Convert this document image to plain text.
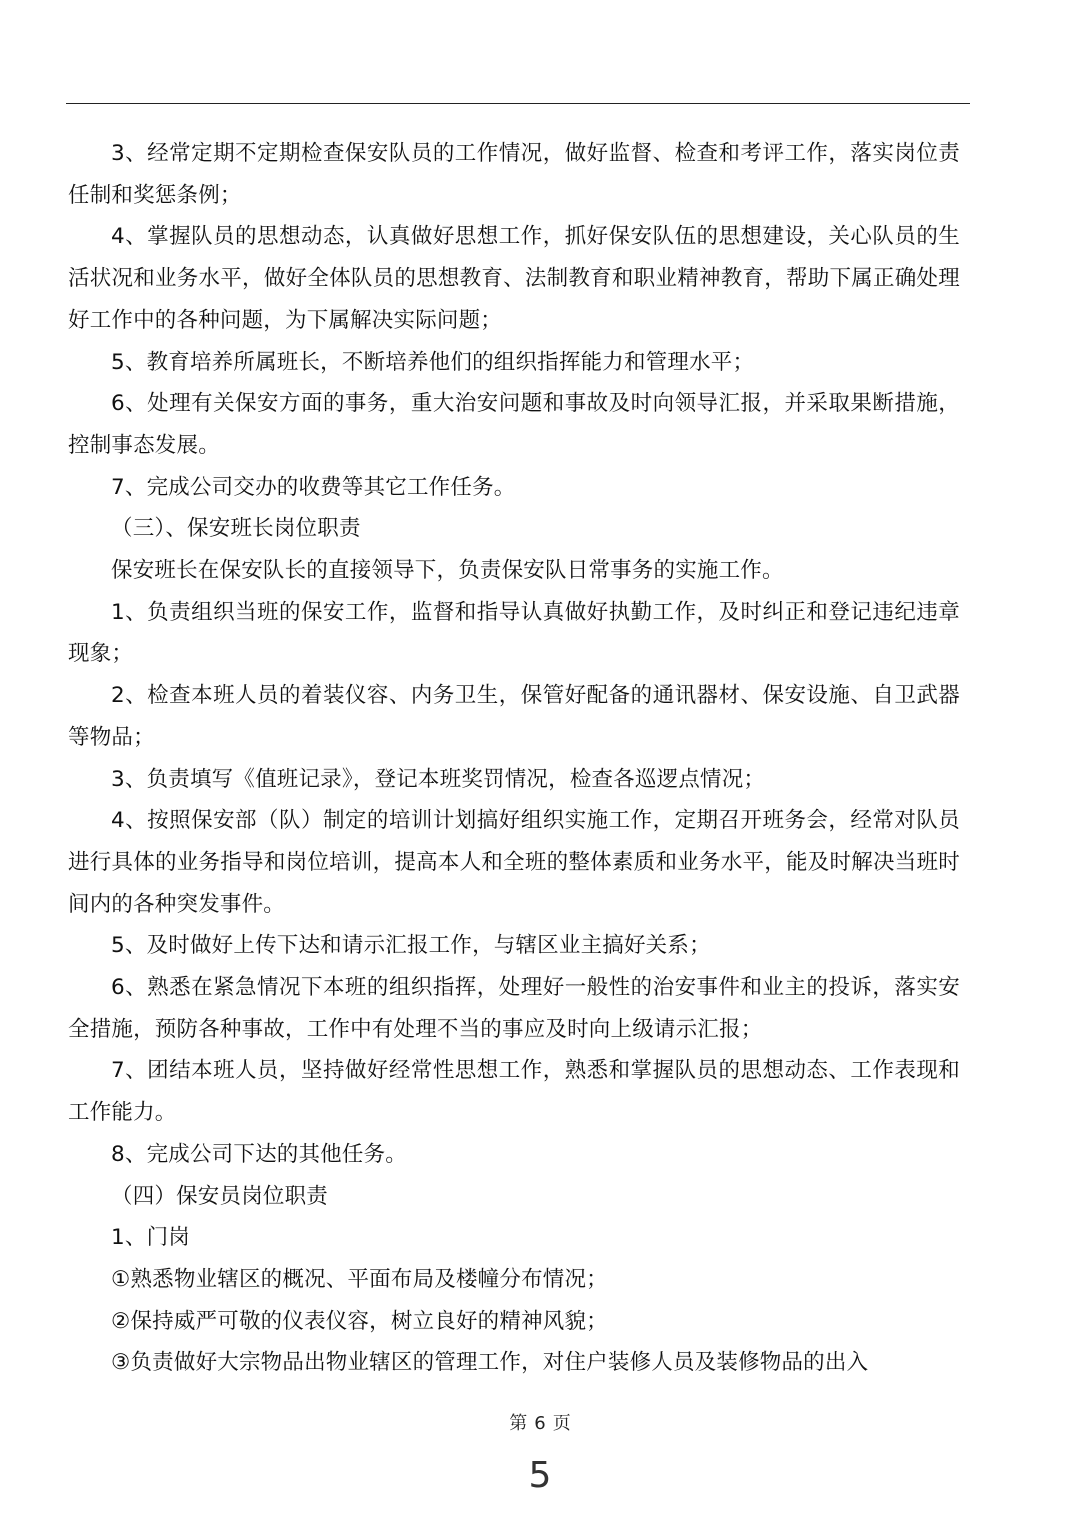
3、经常定期不定期检查保安队员的工作情况，做好监督、检查和考评工作，落实岗位责任制和奖惩条例；

4、掌握队员的思想动态，认真做好思想工作，抓好保安队伍的思想建设，关心队员的生活状况和业务水平，做好全体队员的思想教育、法制教育和职业精神教育，帮助下属正确处理好工作中的各种问题，为下属解决实际问题；

5、教育培养所属班长，不断培养他们的组织指挥能力和管理水平；

6、处理有关保安方面的事务，重大治安问题和事故及时向领导汇报，并采取果断措施，控制事态发展。

7、完成公司交办的收费等其它工作任务。

（三）、保安班长岗位职责

保安班长在保安队长的直接领导下，负责保安队日常事务的实施工作。

1、负责组织当班的保安工作，监督和指导认真做好执勤工作，及时纠正和登记违纪违章现象；

2、检查本班人员的着装仪容、内务卫生，保管好配备的通讯器材、保安设施、自卫武器等物品；

3、负责填写《值班记录》，登记本班奖罚情况，检查各巡逻点情况；

4、按照保安部（队）制定的培训计划搞好组织实施工作，定期召开班务会，经常对队员进行具体的业务指导和岗位培训，提高本人和全班的整体素质和业务水平，能及时解决当班时间内的各种突发事件。

5、及时做好上传下达和请示汇报工作，与辖区业主搞好关系；

6、熟悉在紧急情况下本班的组织指挥，处理好一般性的治安事件和业主的投诉，落实安全措施，预防各种事故，工作中有处理不当的事应及时向上级请示汇报；

7、团结本班人员，坚持做好经常性思想工作，熟悉和掌握队员的思想动态、工作表现和工作能力。

8、完成公司下达的其他任务。

（四）保安员岗位职责

1、门岗

①熟悉物业辖区的概况、平面布局及楼幢分布情况；

②保持威严可敬的仪表仪容，树立良好的精神风貌；

③负责做好大宗物品出物业辖区的管理工作，对住户装修人员及装修物品的出入

第 6 页
5
